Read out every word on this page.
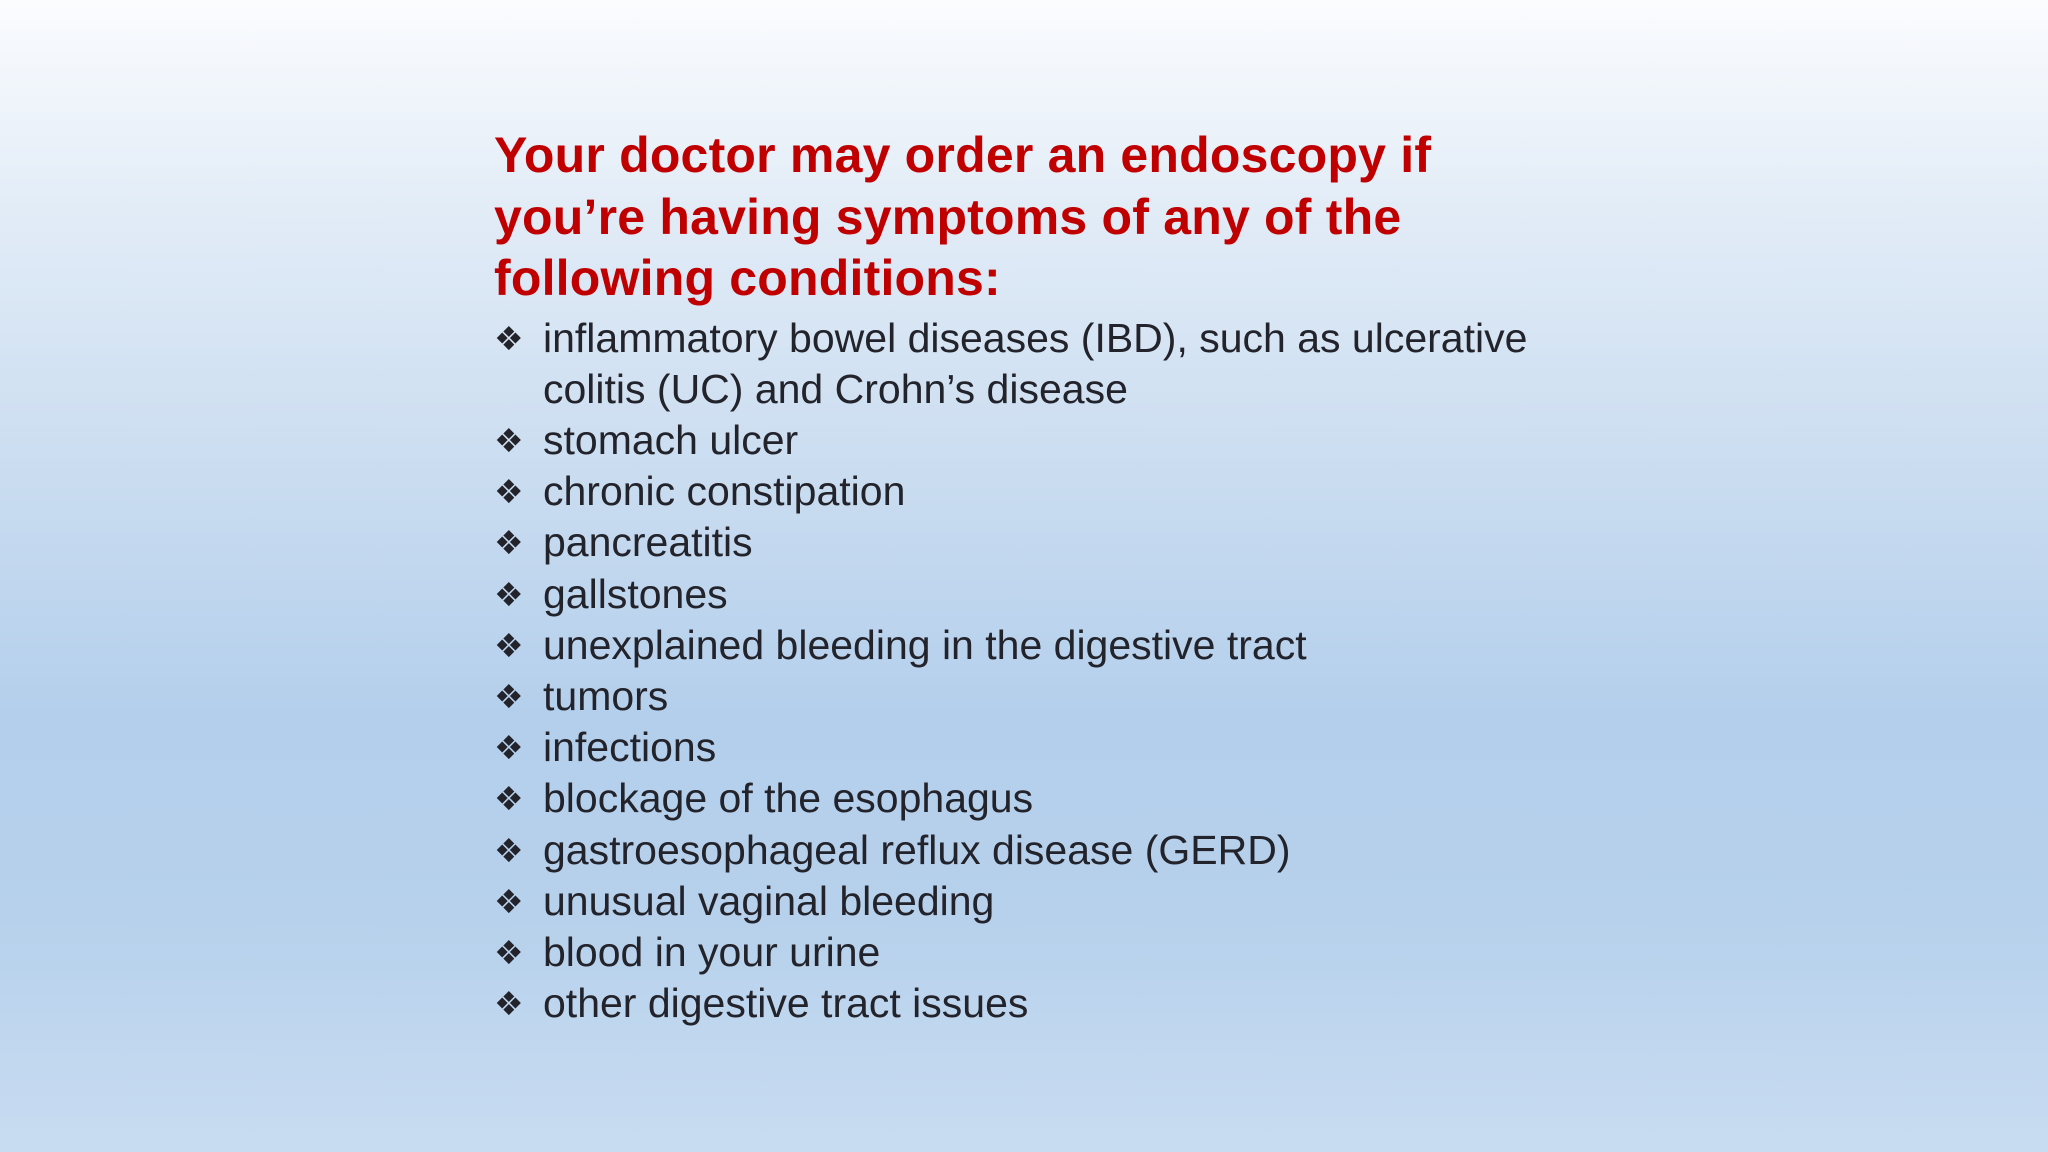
Your doctor may order an endoscopy if you’re having symptoms of any of the following conditions:
❖ inflammatory bowel diseases (IBD), such as ulcerative colitis (UC) and Crohn’s disease
❖ stomach ulcer
❖ chronic constipation
❖ pancreatitis
❖ gallstones
❖ unexplained bleeding in the digestive tract
❖ tumors
❖ infections
❖ blockage of the esophagus
❖ gastroesophageal reflux disease (GERD)
❖ unusual vaginal bleeding
❖ blood in your urine
❖ other digestive tract issues
